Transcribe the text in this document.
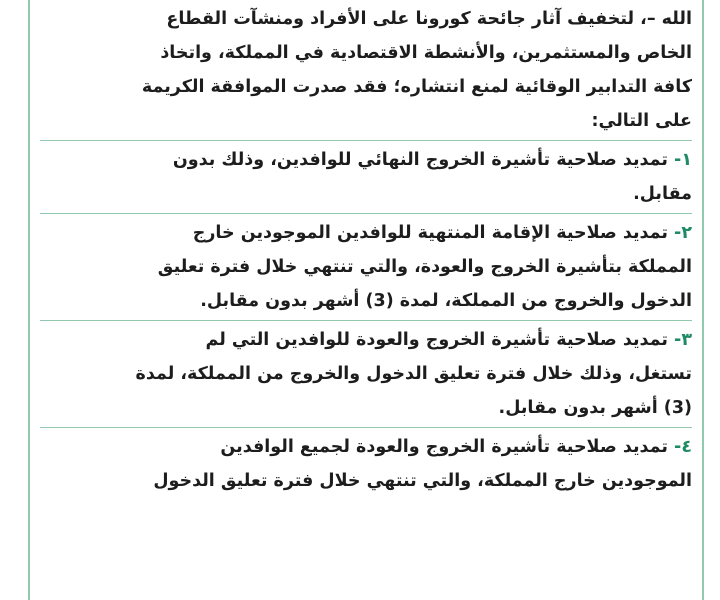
الله –، لتخفيف آثار جائحة كورونا على الأفراد ومنشآت القطاع
الخاص والمستثمرين، والأنشطة الاقتصادية في المملكة، واتخاذ
كافة التدابير الوقائية لمنع انتشاره؛ فقد صدرت الموافقة الكريمة
على التالي:
١- تمديد صلاحية تأشيرة الخروج النهائي للوافدين، وذلك بدون
مقابل.
٢- تمديد صلاحية الإقامة المنتهية للوافدين الموجودين خارج
المملكة بتأشيرة الخروج والعودة، والتي تنتهي خلال فترة تعليق
الدخول والخروج من المملكة، لمدة (3) أشهر بدون مقابل.
٣- تمديد صلاحية تأشيرة الخروج والعودة للوافدين التي لم
تستغل، وذلك خلال فترة تعليق الدخول والخروج من المملكة، لمدة
(3) أشهر بدون مقابل.
٤- تمديد صلاحية تأشيرة الخروج والعودة لجميع الوافدين
الموجودين خارج المملكة، والتي تنتهي خلال فترة تعليق الدخول
